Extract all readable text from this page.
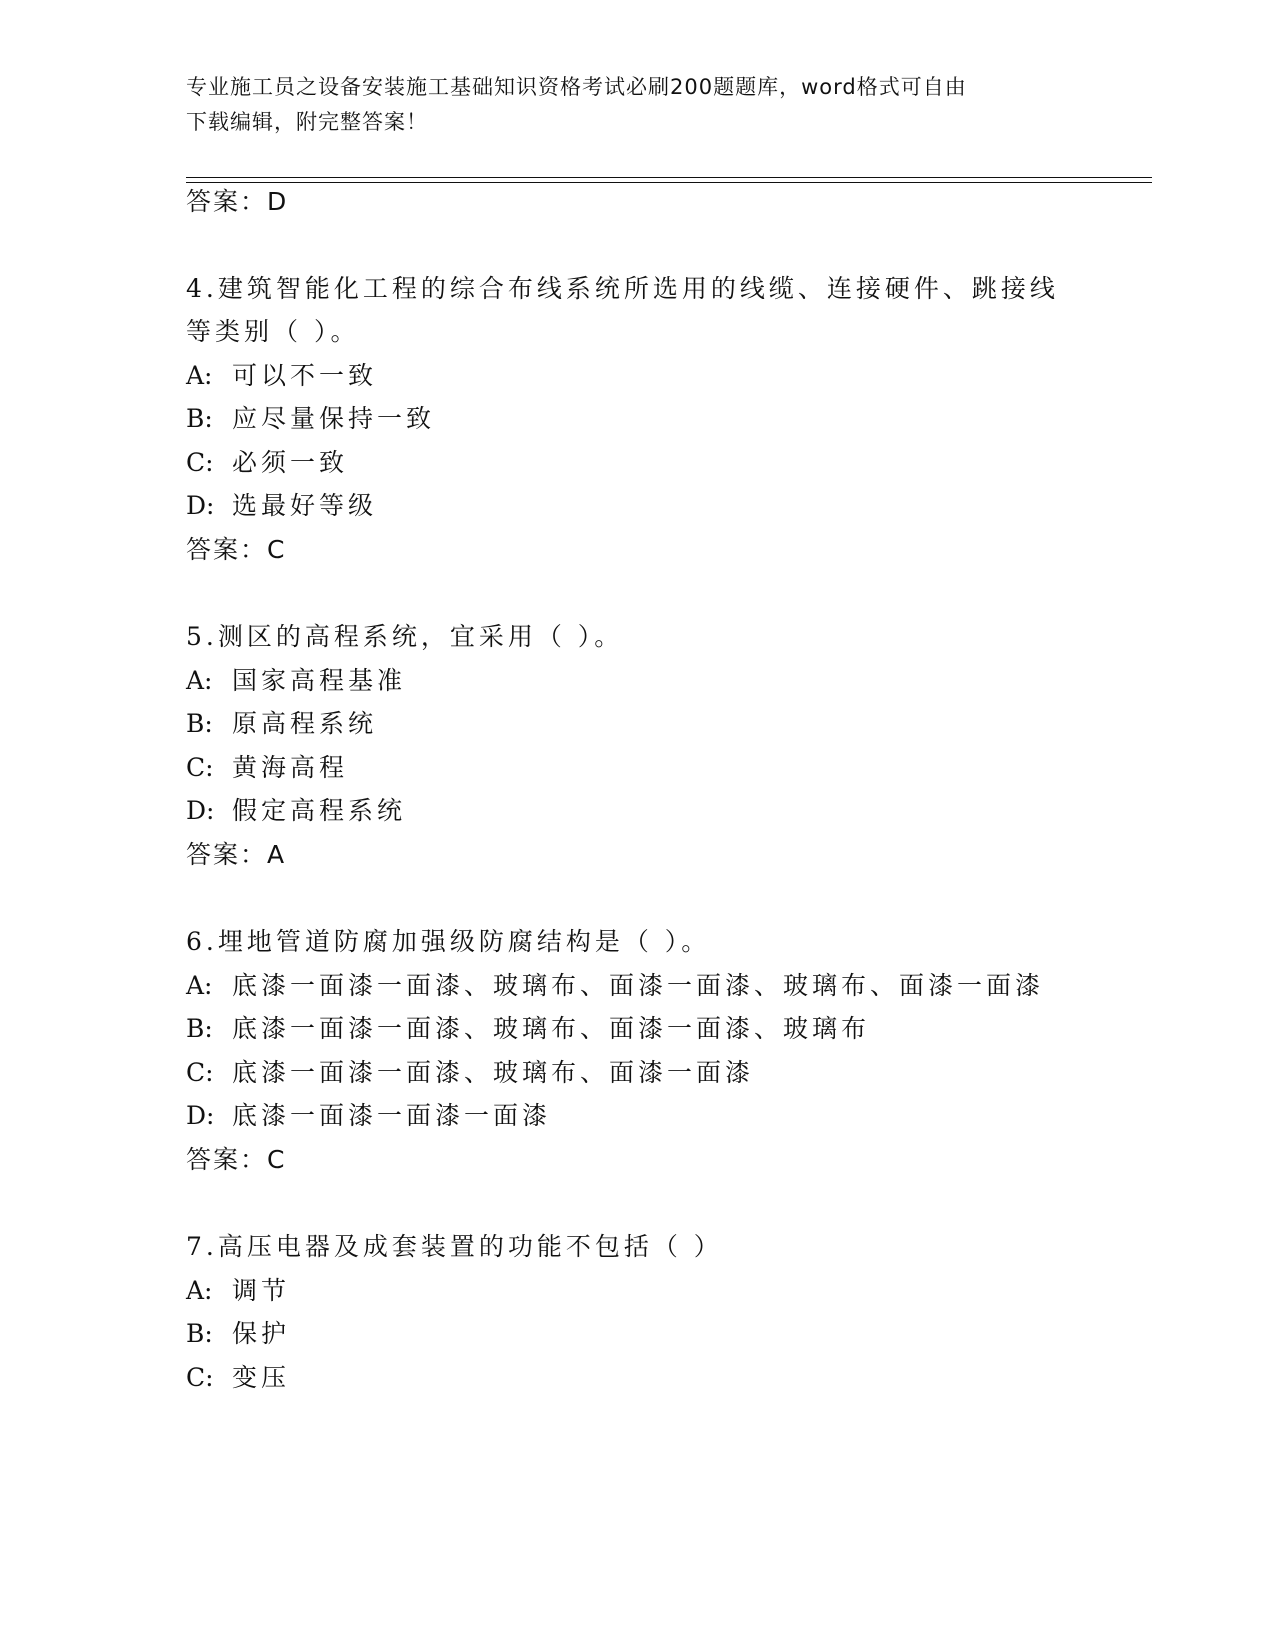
专业施工员之设备安装施工基础知识资格考试必刷200题题库，word格式可自由
下载编辑，附完整答案！
答案：D
4.建筑智能化工程的综合布线系统所选用的线缆、连接硬件、跳接线
等类别（ ）。
A: 可以不一致
B: 应尽量保持一致
C: 必须一致
D: 选最好等级
答案：C
5.测区的高程系统，宜采用（ ）。
A: 国家高程基准
B: 原高程系统
C: 黄海高程
D: 假定高程系统
答案：A
6.埋地管道防腐加强级防腐结构是（ ）。
A: 底漆一面漆一面漆、玻璃布、面漆一面漆、玻璃布、面漆一面漆
B: 底漆一面漆一面漆、玻璃布、面漆一面漆、玻璃布
C: 底漆一面漆一面漆、玻璃布、面漆一面漆
D: 底漆一面漆一面漆一面漆
答案：C
7.高压电器及成套装置的功能不包括（ ）
A: 调节
B: 保护
C: 变压
